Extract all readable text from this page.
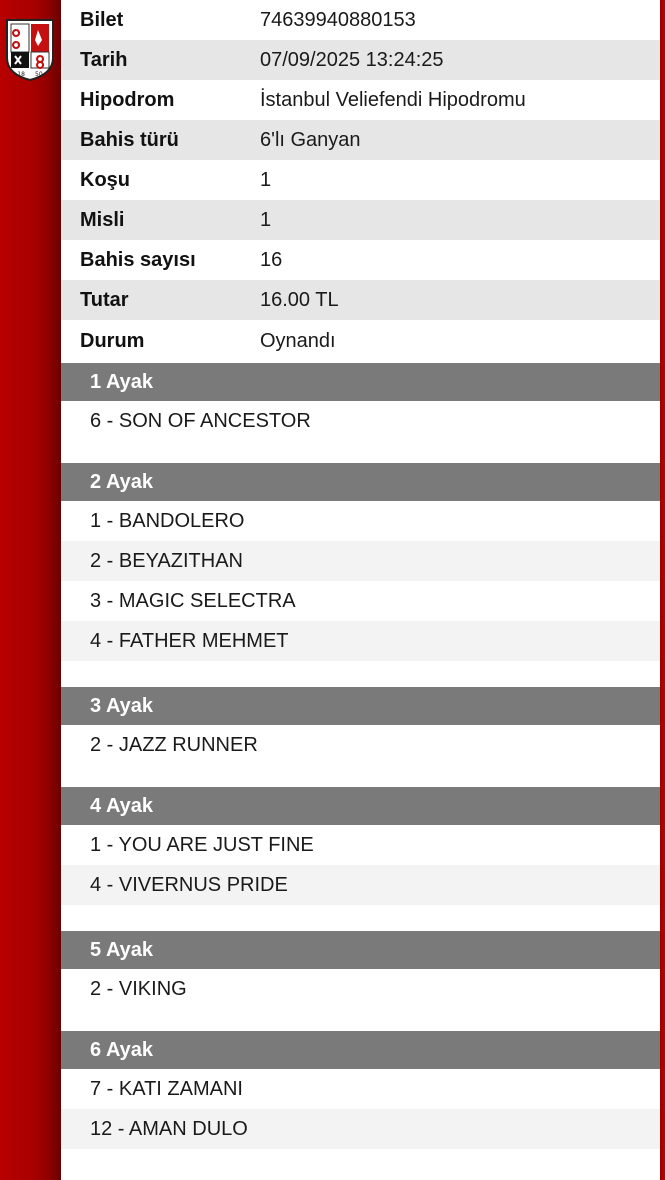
18 50
Bilet	74639940880153
Tarih	07/09/2025 13:24:25
Hipodrom	İstanbul Veliefendi Hipodromu
Bahis türü	6'lı Ganyan
Koşu	1
Misli	1
Bahis sayısı	16
Tutar	16.00 TL
Durum	Oynandı
1 Ayak
6 - SON OF ANCESTOR
2 Ayak
1 - BANDOLERO
2 - BEYAZITHAN
3 - MAGIC SELECTRA
4 - FATHER MEHMET
3 Ayak
2 - JAZZ RUNNER
4 Ayak
1 - YOU ARE JUST FINE
4 - VIVERNUS PRIDE
5 Ayak
2 - VIKING
6 Ayak
7 - KATI ZAMANI
12 - AMAN DULO
